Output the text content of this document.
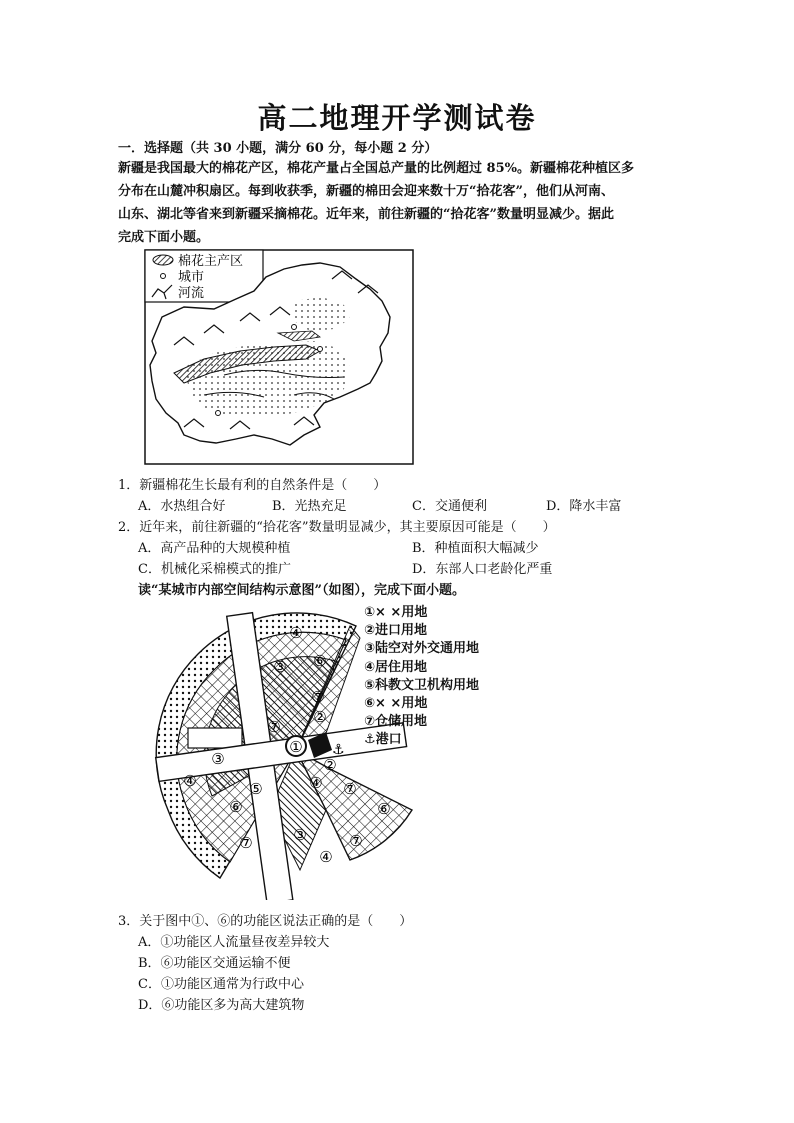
高二地理开学测试卷
一．选择题（共 30 小题，满分 60 分，每小题 2 分）

新疆是我国最大的棉花产区，棉花产量占全国总产量的比例超过 85%。新疆棉花种植区多

分布在山麓冲积扇区。每到收获季，新疆的棉田会迎来数十万“拾花客”，他们从河南、

山东、湖北等省来到新疆采摘棉花。近年来，前往新疆的“拾花客”数量明显减少。据此

完成下面小题。

棉花主产区
城市
河流
1．新疆棉花生长最有利的自然条件是（　　）
A．水热组合好	B．光热充足	C．交通便利	D．降水丰富
2．近年来，前往新疆的“拾花客”数量明显减少，其主要原因可能是（　　）
A．高产品种的大规模种植	B．种植面积大幅减少
C．机械化采棉模式的推广	D．东部人口老龄化严重
读“某城市内部空间结构示意图”（如图），完成下面小题。
⚓
①
②
②
③
③
③
④
④	④
④
⑤
⑥
⑥	⑥
⑦
⑦
⑦	⑦
⑦
①× ×用地
②进口用地
③陆空对外交通用地
④居住用地
⑤科教文卫机构用地
⑥× ×用地
⑦仓储用地
⚓港口
3．关于图中①、⑥的功能区说法正确的是（　　）
A．①功能区人流量昼夜差异较大
B．⑥功能区交通运输不便
C．①功能区通常为行政中心
D．⑥功能区多为高大建筑物
